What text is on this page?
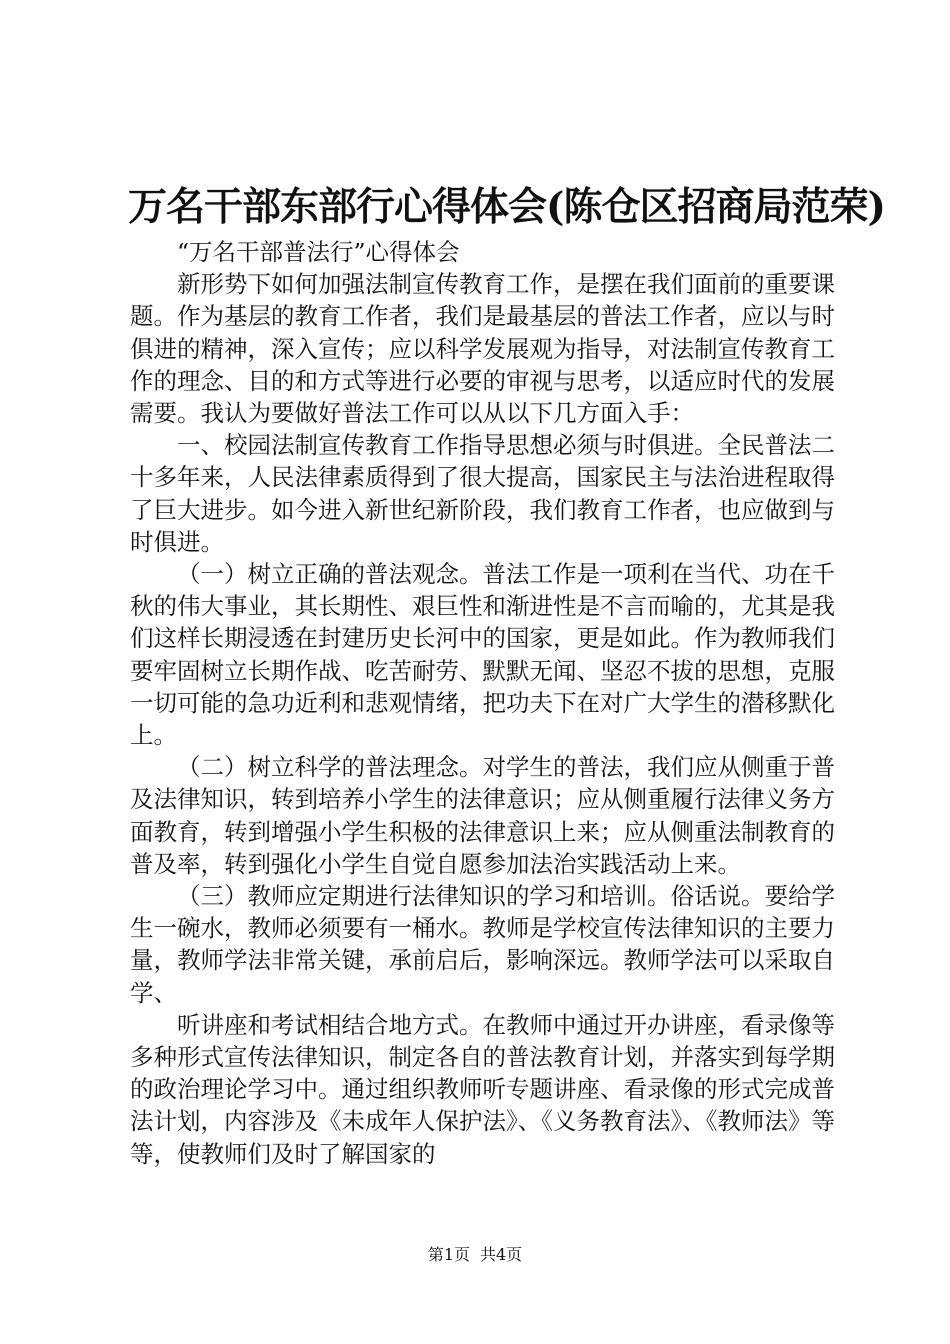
万名干部东部行心得体会(陈仓区招商局范荣)

“万名干部普法行”心得体会

新形势下如何加强法制宣传教育工作，是摆在我们面前的重要课题。作为基层的教育工作者，我们是最基层的普法工作者，应以与时俱进的精神，深入宣传；应以科学发展观为指导，对法制宣传教育工作的理念、目的和方式等进行必要的审视与思考，以适应时代的发展需要。我认为要做好普法工作可以从以下几方面入手：

一、校园法制宣传教育工作指导思想必须与时俱进。全民普法二十多年来，人民法律素质得到了很大提高，国家民主与法治进程取得了巨大进步。如今进入新世纪新阶段，我们教育工作者，也应做到与时俱进。

（一）树立正确的普法观念。普法工作是一项利在当代、功在千秋的伟大事业，其长期性、艰巨性和渐进性是不言而喻的，尤其是我们这样长期浸透在封建历史长河中的国家，更是如此。作为教师我们要牢固树立长期作战、吃苦耐劳、默默无闻、坚忍不拔的思想，克服一切可能的急功近利和悲观情绪，把功夫下在对广大学生的潜移默化上。

（二）树立科学的普法理念。对学生的普法，我们应从侧重于普及法律知识，转到培养小学生的法律意识；应从侧重履行法律义务方面教育，转到增强小学生积极的法律意识上来；应从侧重法制教育的普及率，转到强化小学生自觉自愿参加法治实践活动上来。

（三）教师应定期进行法律知识的学习和培训。俗话说。要给学生一碗水，教师必须要有一桶水。教师是学校宣传法律知识的主要力量，教师学法非常关键，承前启后，影响深远。教师学法可以采取自学、

听讲座和考试相结合地方式。在教师中通过开办讲座，看录像等多种形式宣传法律知识，制定各自的普法教育计划，并落实到每学期的政治理论学习中。通过组织教师听专题讲座、看录像的形式完成普法计划，内容涉及《未成年人保护法》、《义务教育法》、《教师法》等等，使教师们及时了解国家的

第1页 共4页
